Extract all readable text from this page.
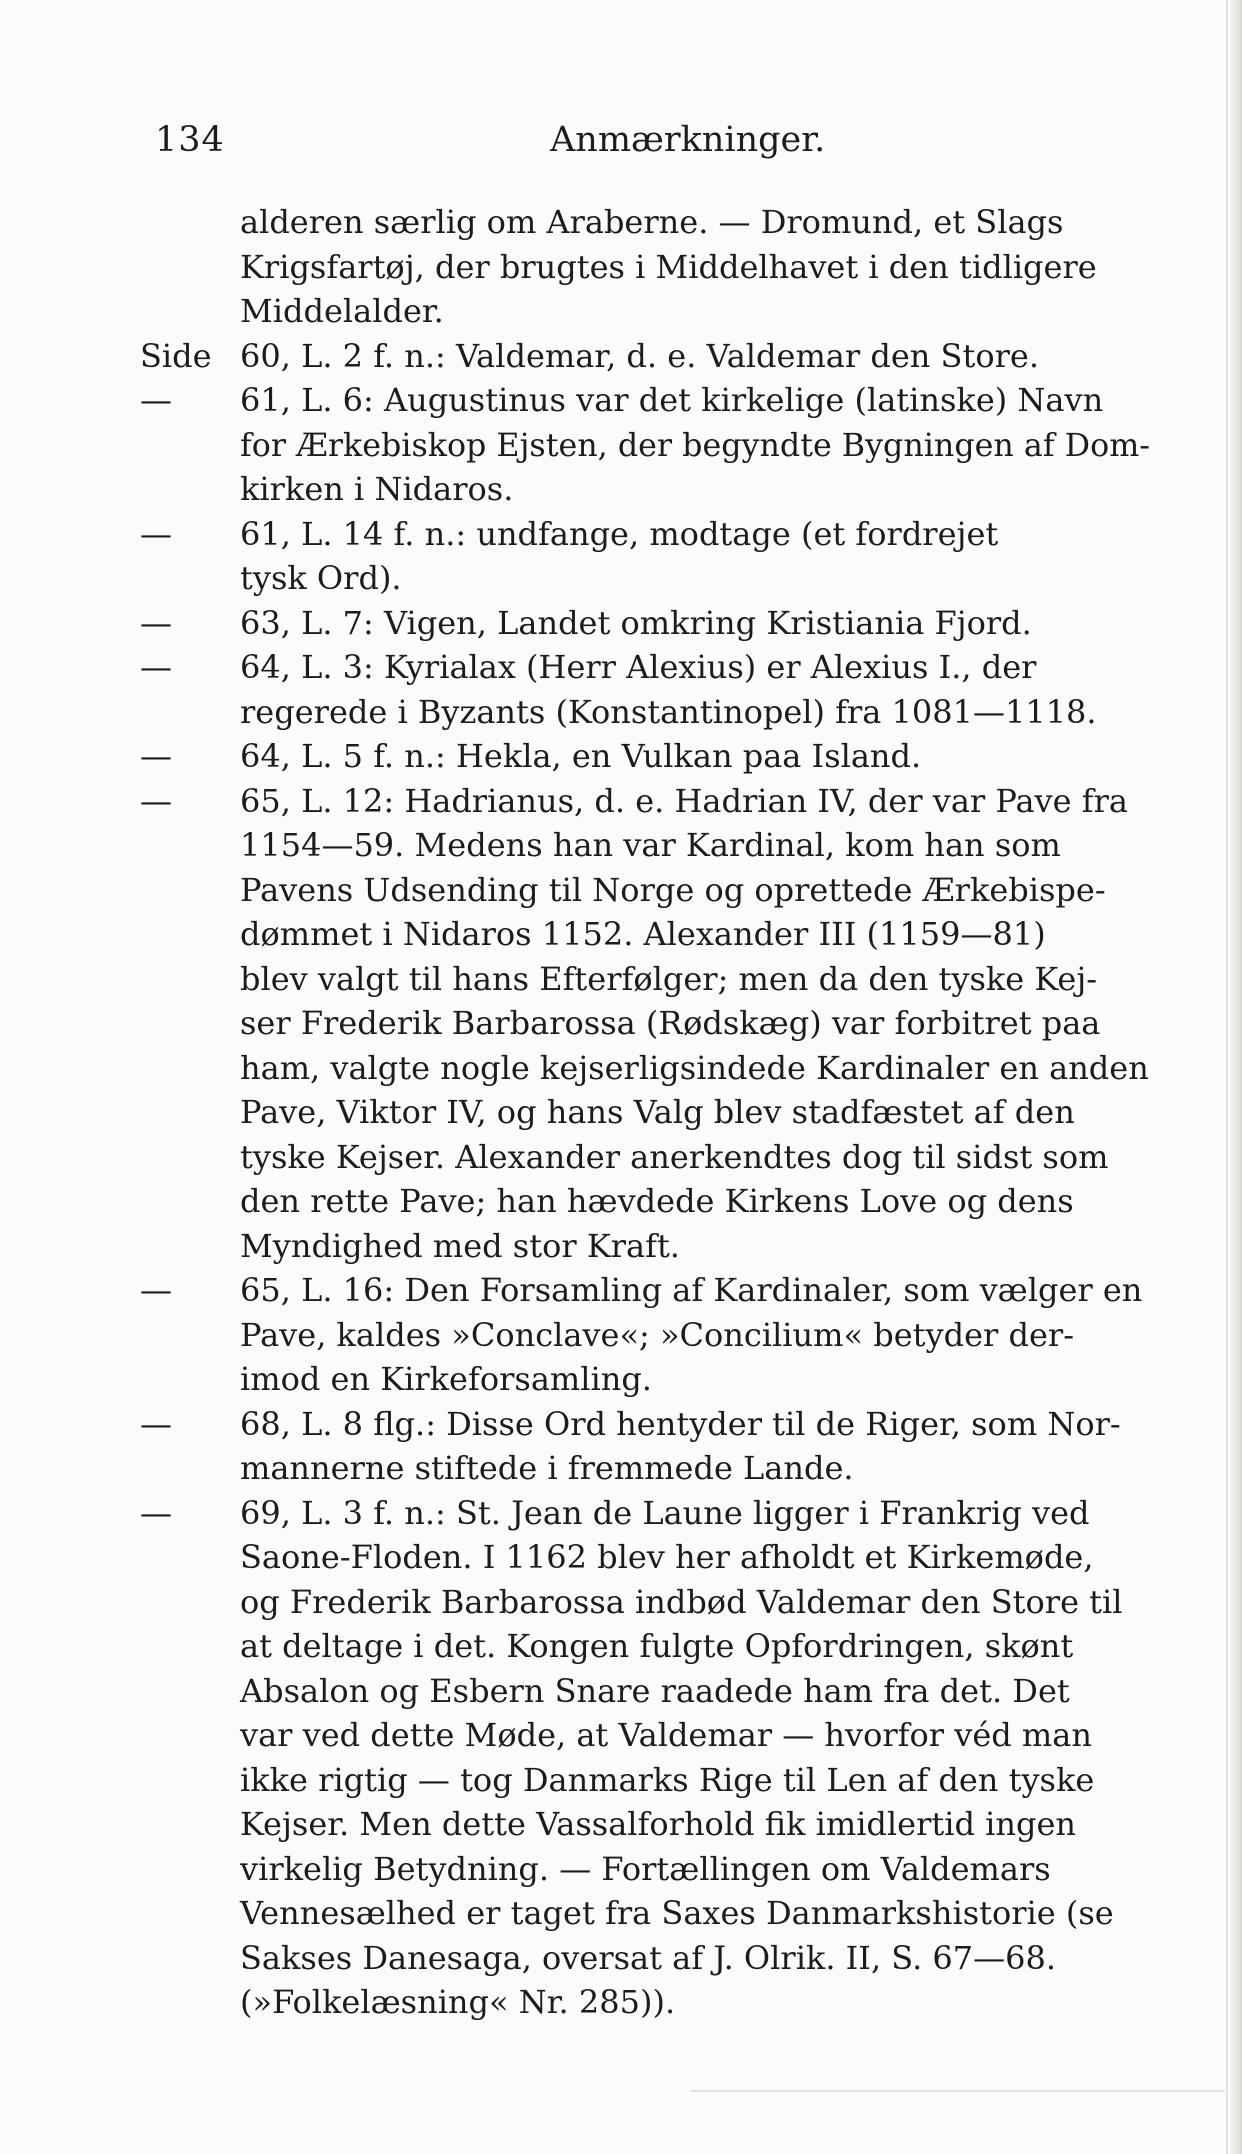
134	Anmærkninger.
alderen særlig om Araberne. — Dromund, et Slags
Krigsfartøj, der brugtes i Middelhavet i den tidligere
Middelalder.
Side 60, L. 2 f. n.: Valdemar, d. e. Valdemar den Store.
—	61, L. 6: Augustinus var det kirkelige (latinske) Navn
for Ærkebiskop Ejsten, der begyndte Bygningen af Dom-
kirken i Nidaros.
—	61, L. 14 f. n.: undfange, modtage (et fordrejet
tysk Ord).
—	63, L. 7: Vigen, Landet omkring Kristiania Fjord.
—	64, L. 3: Kyrialax (Herr Alexius) er Alexius I., der
regerede i Byzants (Konstantinopel) fra 1081—1118.
—	64, L. 5 f. n.: Hekla, en Vulkan paa Island.
—	65, L. 12: Hadrianus, d. e. Hadrian IV, der var Pave fra
1154—59. Medens han var Kardinal, kom han som
Pavens Udsending til Norge og oprettede Ærkebispe-
dømmet i Nidaros 1152. Alexander III (1159—81)
blev valgt til hans Efterfølger; men da den tyske Kej-
ser Frederik Barbarossa (Rødskæg) var forbitret paa
ham, valgte nogle kejserligsindede Kardinaler en anden
Pave, Viktor IV, og hans Valg blev stadfæstet af den
tyske Kejser. Alexander anerkendtes dog til sidst som
den rette Pave; han hævdede Kirkens Love og dens
Myndighed med stor Kraft.
—	65, L. 16: Den Forsamling af Kardinaler, som vælger en
Pave, kaldes »Conclave«; »Concilium« betyder der-
imod en Kirkeforsamling.
—	68, L. 8 flg.: Disse Ord hentyder til de Riger, som Nor-
mannerne stiftede i fremmede Lande.
—	69, L. 3 f. n.: St. Jean de Laune ligger i Frankrig ved
Saone-Floden. I 1162 blev her afholdt et Kirkemøde,
og Frederik Barbarossa indbød Valdemar den Store til
at deltage i det. Kongen fulgte Opfordringen, skønt
Absalon og Esbern Snare raadede ham fra det. Det
var ved dette Møde, at Valdemar — hvorfor véd man
ikke rigtig — tog Danmarks Rige til Len af den tyske
Kejser. Men dette Vassalforhold fik imidlertid ingen
virkelig Betydning. — Fortællingen om Valdemars
Vennesælhed er taget fra Saxes Danmarkshistorie (se
Sakses Danesaga, oversat af J. Olrik. II, S. 67—68.
(»Folkelæsning« Nr. 285)).
